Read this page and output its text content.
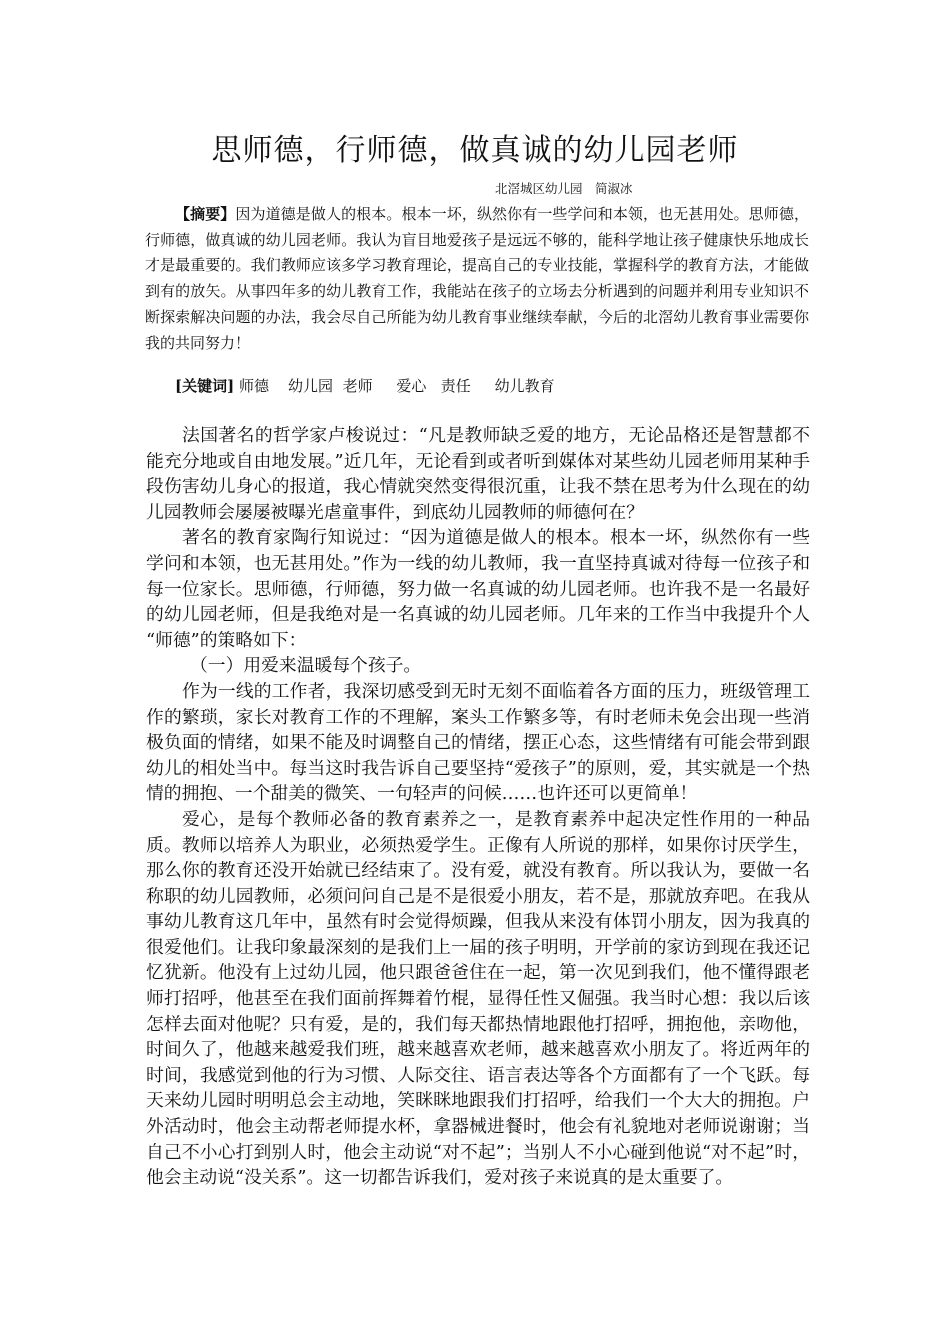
思师德，行师德，做真诚的幼儿园老师
北滘城区幼儿园　简淑冰

【摘要】因为道德是做人的根本。根本一坏，纵然你有一些学问和本领，也无甚用处。思师德，行师德，做真诚的幼儿园老师。我认为盲目地爱孩子是远远不够的，能科学地让孩子健康快乐地成长才是最重要的。我们教师应该多学习教育理论，提高自己的专业技能，掌握科学的教育方法，才能做到有的放矢。从事四年多的幼儿教育工作，我能站在孩子的立场去分析遇到的问题并利用专业知识不断探索解决问题的办法，我会尽自己所能为幼儿教育事业继续奉献，今后的北滘幼儿教育事业需要你我的共同努力！

[关键词] 师德    幼儿园  老师     爱心   责任     幼儿教育

法国著名的哲学家卢梭说过：“凡是教师缺乏爱的地方，无论品格还是智慧都不能充分地或自由地发展。”近几年，无论看到或者听到媒体对某些幼儿园老师用某种手段伤害幼儿身心的报道，我心情就突然变得很沉重，让我不禁在思考为什么现在的幼儿园教师会屡屡被曝光虐童事件，到底幼儿园教师的师德何在？

著名的教育家陶行知说过：“因为道德是做人的根本。根本一坏，纵然你有一些学问和本领，也无甚用处。”作为一线的幼儿教师，我一直坚持真诚对待每一位孩子和每一位家长。思师德，行师德，努力做一名真诚的幼儿园老师。也许我不是一名最好的幼儿园老师，但是我绝对是一名真诚的幼儿园老师。几年来的工作当中我提升个人 “师德”的策略如下：

（一）用爱来温暖每个孩子。

作为一线的工作者，我深切感受到无时无刻不面临着各方面的压力，班级管理工作的繁琐，家长对教育工作的不理解，案头工作繁多等，有时老师未免会出现一些消极负面的情绪，如果不能及时调整自己的情绪，摆正心态，这些情绪有可能会带到跟幼儿的相处当中。每当这时我告诉自己要坚持“爱孩子”的原则，爱，其实就是一个热情的拥抱、一个甜美的微笑、一句轻声的问候……也许还可以更简单！

爱心，是每个教师必备的教育素养之一，是教育素养中起决定性作用的一种品质。教师以培养人为职业，必须热爱学生。正像有人所说的那样，如果你讨厌学生，那么你的教育还没开始就已经结束了。没有爱，就没有教育。所以我认为，要做一名称职的幼儿园教师，必须问问自己是不是很爱小朋友，若不是，那就放弃吧。在我从事幼儿教育这几年中，虽然有时会觉得烦躁，但我从来没有体罚小朋友，因为我真的很爱他们。让我印象最深刻的是我们上一届的孩子明明，开学前的家访到现在我还记忆犹新。他没有上过幼儿园，他只跟爸爸住在一起，第一次见到我们，他不懂得跟老师打招呼，他甚至在我们面前挥舞着竹棍，显得任性又倔强。我当时心想：我以后该怎样去面对他呢？只有爱，是的，我们每天都热情地跟他打招呼，拥抱他，亲吻他，时间久了，他越来越爱我们班，越来越喜欢老师，越来越喜欢小朋友了。将近两年的时间，我感觉到他的行为习惯、人际交往、语言表达等各个方面都有了一个飞跃。每天来幼儿园时明明总会主动地，笑眯眯地跟我们打招呼，给我们一个大大的拥抱。户外活动时，他会主动帮老师提水杯，拿器械进餐时，他会有礼貌地对老师说谢谢；当自己不小心打到别人时，他会主动说“对不起”；当别人不小心碰到他说“对不起”时，他会主动说“没关系”。这一切都告诉我们，爱对孩子来说真的是太重要了。
